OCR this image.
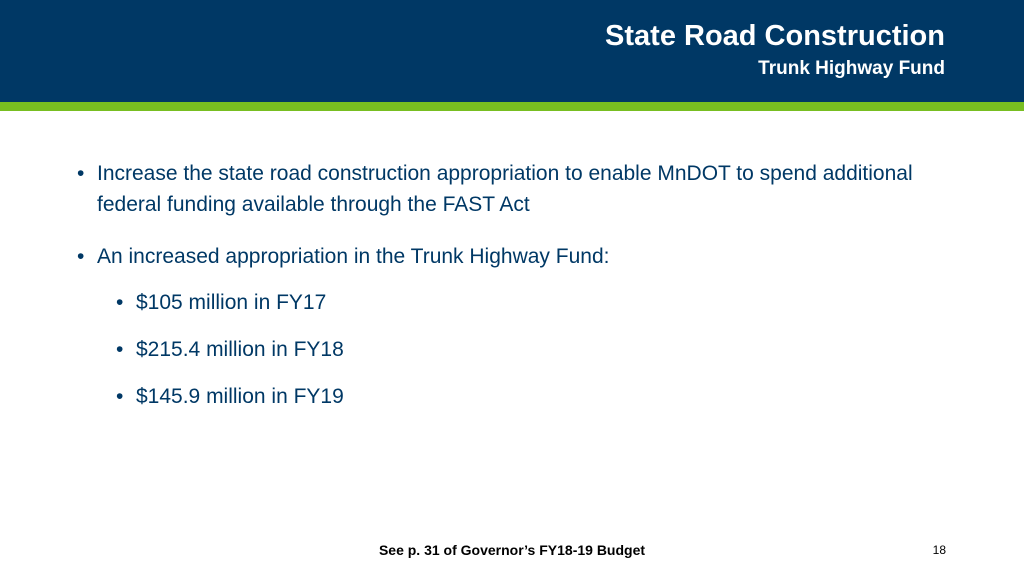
State Road Construction
Trunk Highway Fund
• Increase the state road construction appropriation to enable MnDOT to spend additional federal funding available through the FAST Act
• An increased appropriation in the Trunk Highway Fund:
• $105 million in FY17
• $215.4 million in FY18
• $145.9 million in FY19
See p. 31 of Governor’s FY18-19 Budget	18
